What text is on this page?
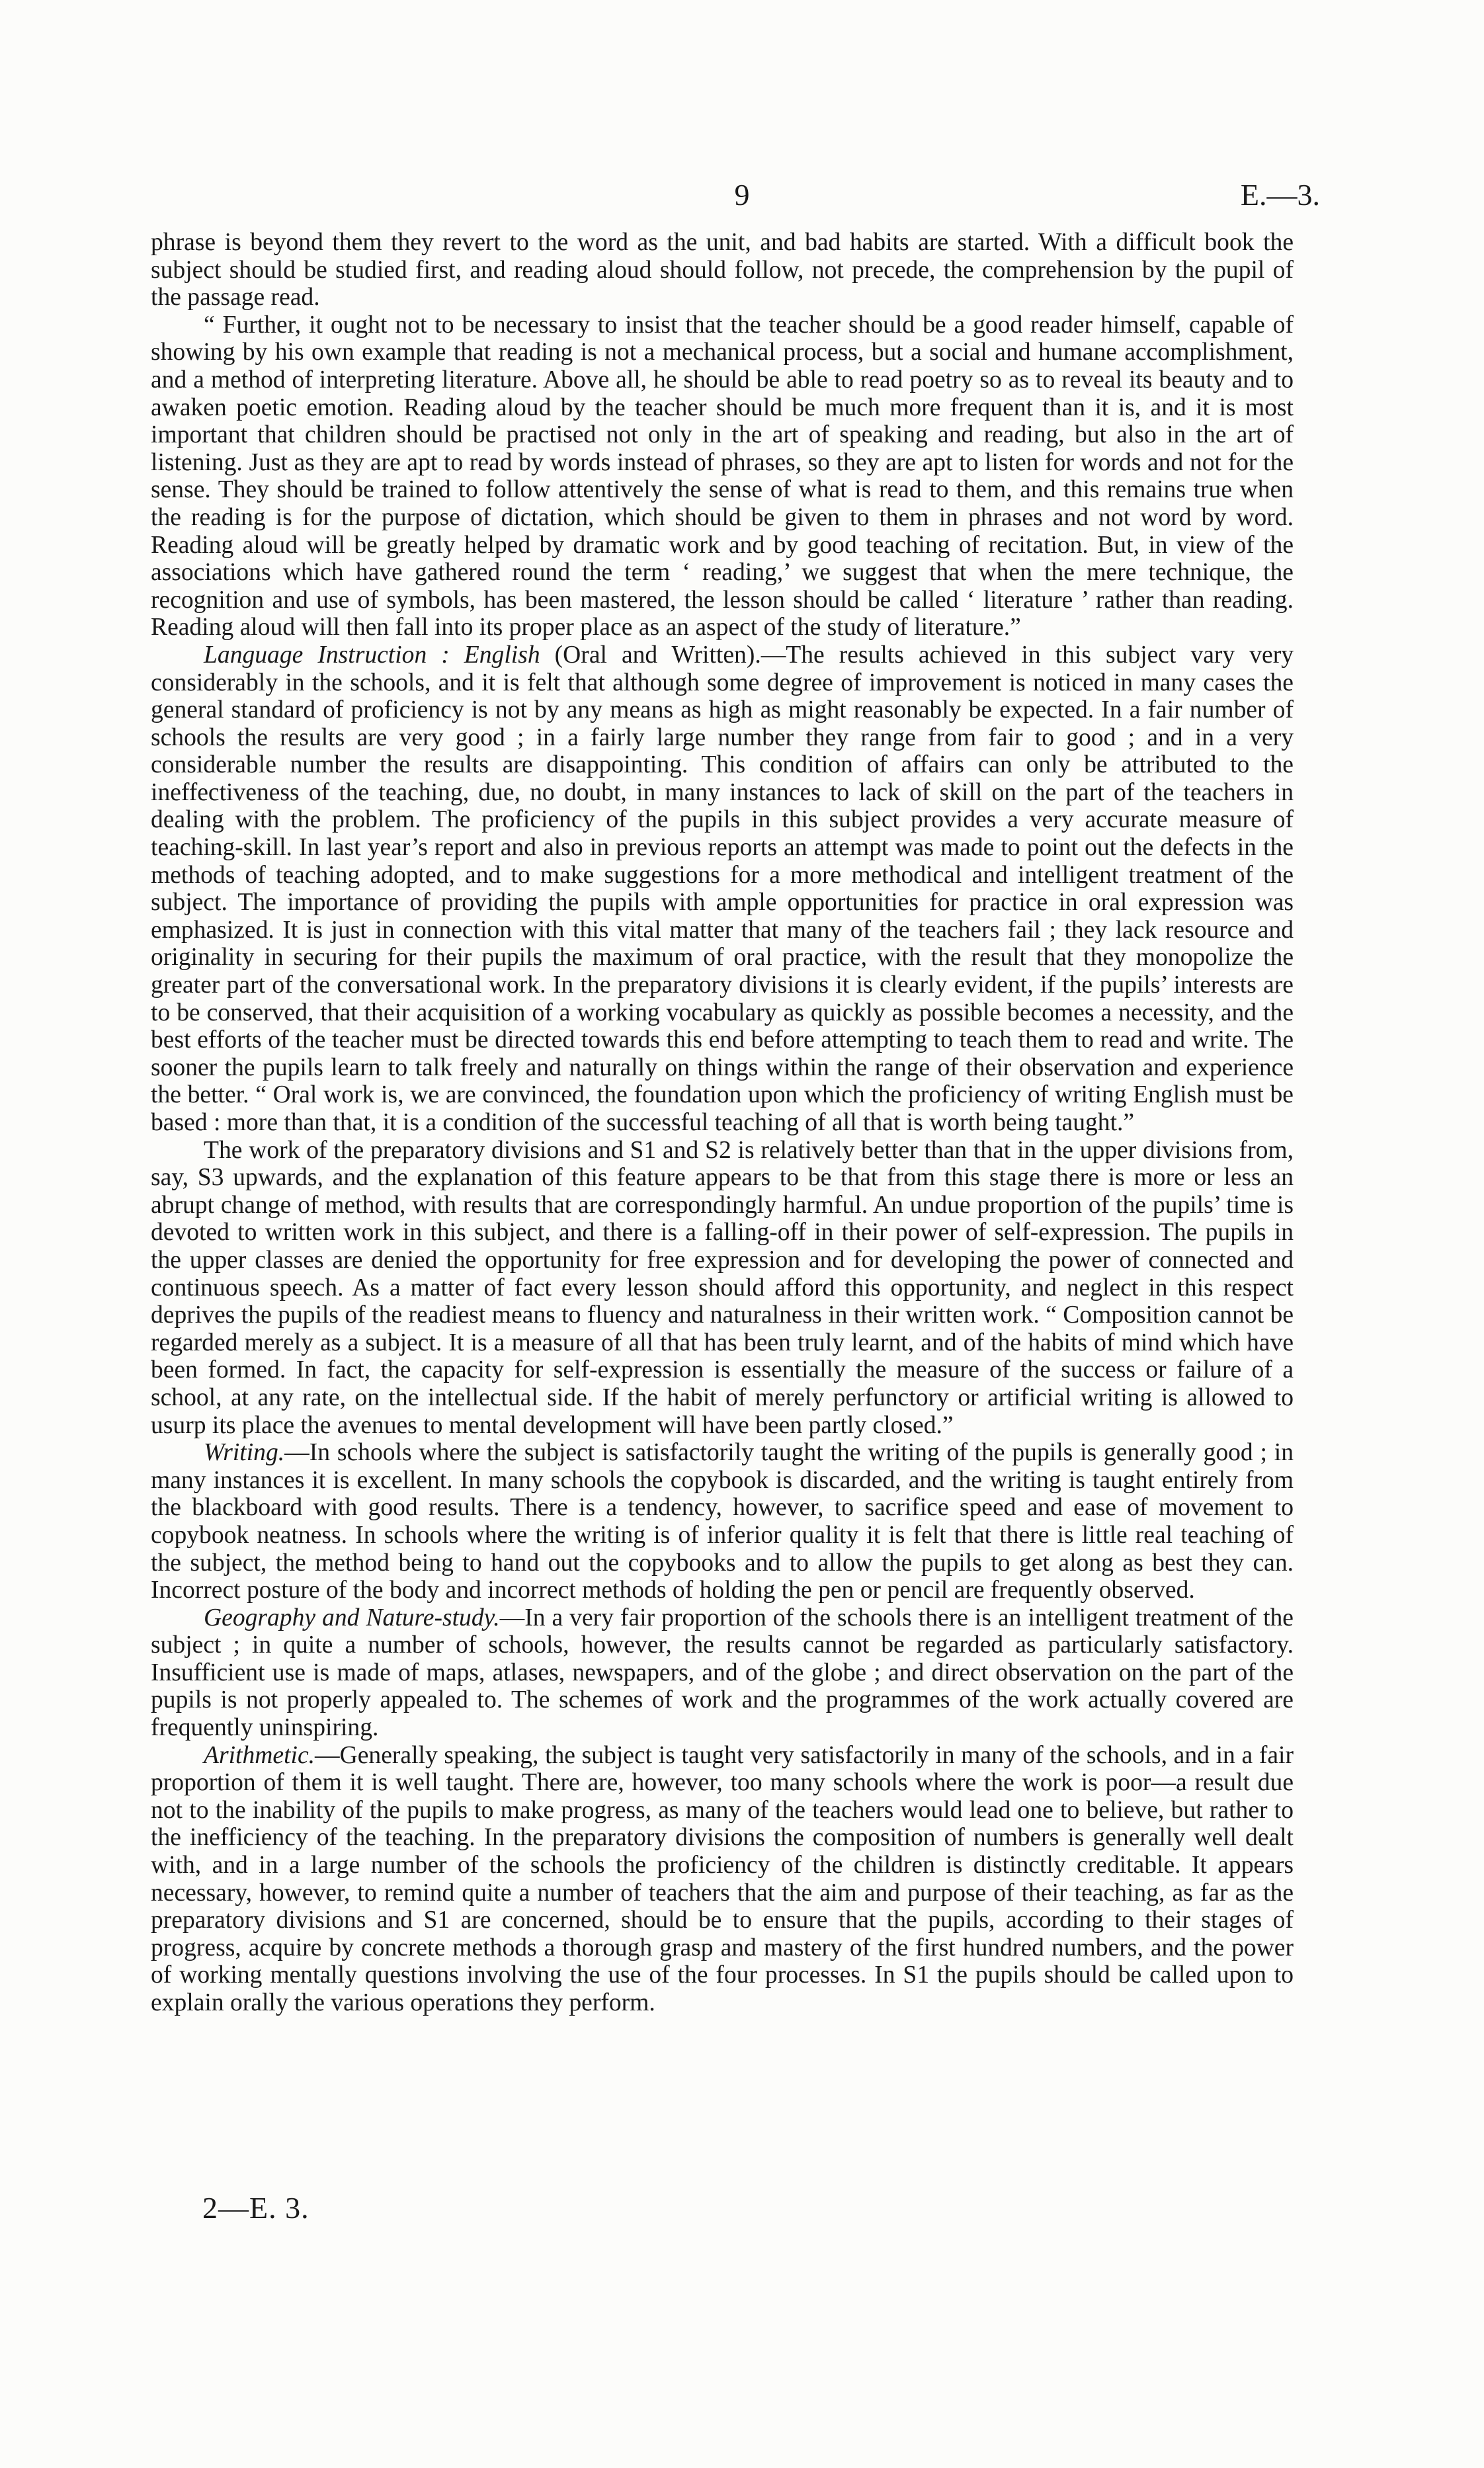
9	E.—3.

phrase is beyond them they revert to the word as the unit, and bad habits are started. With a difficult book the subject should be studied first, and reading aloud should follow, not precede, the comprehension by the pupil of the passage read.

“ Further, it ought not to be necessary to insist that the teacher should be a good reader himself, capable of showing by his own example that reading is not a mechanical process, but a social and humane accomplishment, and a method of interpreting literature. Above all, he should be able to read poetry so as to reveal its beauty and to awaken poetic emotion. Reading aloud by the teacher should be much more frequent than it is, and it is most important that children should be practised not only in the art of speaking and reading, but also in the art of listening. Just as they are apt to read by words instead of phrases, so they are apt to listen for words and not for the sense. They should be trained to follow attentively the sense of what is read to them, and this remains true when the reading is for the purpose of dictation, which should be given to them in phrases and not word by word. Reading aloud will be greatly helped by dramatic work and by good teaching of recitation. But, in view of the associations which have gathered round the term ‘ reading,’ we suggest that when the mere technique, the recognition and use of symbols, has been mastered, the lesson should be called ‘ literature ’ rather than reading. Reading aloud will then fall into its proper place as an aspect of the study of literature.”

Language Instruction : English (Oral and Written).—The results achieved in this subject vary very considerably in the schools, and it is felt that although some degree of improvement is noticed in many cases the general standard of proficiency is not by any means as high as might reasonably be expected. In a fair number of schools the results are very good ; in a fairly large number they range from fair to good ; and in a very considerable number the results are disappointing. This condition of affairs can only be attributed to the ineffectiveness of the teaching, due, no doubt, in many instances to lack of skill on the part of the teachers in dealing with the problem. The proficiency of the pupils in this subject provides a very accurate measure of teaching-skill. In last year’s report and also in previous reports an attempt was made to point out the defects in the methods of teaching adopted, and to make suggestions for a more methodical and intelligent treatment of the subject. The importance of providing the pupils with ample opportunities for practice in oral expression was emphasized. It is just in connection with this vital matter that many of the teachers fail ; they lack resource and originality in securing for their pupils the maximum of oral practice, with the result that they monopolize the greater part of the conversational work. In the preparatory divisions it is clearly evident, if the pupils’ interests are to be conserved, that their acquisition of a working vocabulary as quickly as possible becomes a necessity, and the best efforts of the teacher must be directed towards this end before attempting to teach them to read and write. The sooner the pupils learn to talk freely and naturally on things within the range of their observation and experience the better. “ Oral work is, we are convinced, the foundation upon which the proficiency of writing English must be based : more than that, it is a condition of the successful teaching of all that is worth being taught.”

The work of the preparatory divisions and S1 and S2 is relatively better than that in the upper divisions from, say, S3 upwards, and the explanation of this feature appears to be that from this stage there is more or less an abrupt change of method, with results that are correspondingly harmful. An undue proportion of the pupils’ time is devoted to written work in this subject, and there is a falling-off in their power of self-expression. The pupils in the upper classes are denied the opportunity for free expression and for developing the power of connected and continuous speech. As a matter of fact every lesson should afford this opportunity, and neglect in this respect deprives the pupils of the readiest means to fluency and naturalness in their written work. “ Composition cannot be regarded merely as a subject. It is a measure of all that has been truly learnt, and of the habits of mind which have been formed. In fact, the capacity for self-expression is essentially the measure of the success or failure of a school, at any rate, on the intellectual side. If the habit of merely perfunctory or artificial writing is allowed to usurp its place the avenues to mental development will have been partly closed.”

Writing.—In schools where the subject is satisfactorily taught the writing of the pupils is generally good ; in many instances it is excellent. In many schools the copybook is discarded, and the writing is taught entirely from the blackboard with good results. There is a tendency, however, to sacrifice speed and ease of movement to copybook neatness. In schools where the writing is of inferior quality it is felt that there is little real teaching of the subject, the method being to hand out the copybooks and to allow the pupils to get along as best they can. Incorrect posture of the body and incorrect methods of holding the pen or pencil are frequently observed.

Geography and Nature-study.—In a very fair proportion of the schools there is an intelligent treatment of the subject ; in quite a number of schools, however, the results cannot be regarded as particularly satisfactory. Insufficient use is made of maps, atlases, newspapers, and of the globe ; and direct observation on the part of the pupils is not properly appealed to. The schemes of work and the programmes of the work actually covered are frequently uninspiring.

Arithmetic.—Generally speaking, the subject is taught very satisfactorily in many of the schools, and in a fair proportion of them it is well taught. There are, however, too many schools where the work is poor—a result due not to the inability of the pupils to make progress, as many of the teachers would lead one to believe, but rather to the inefficiency of the teaching. In the preparatory divisions the composition of numbers is generally well dealt with, and in a large number of the schools the proficiency of the children is distinctly creditable. It appears necessary, however, to remind quite a number of teachers that the aim and purpose of their teaching, as far as the preparatory divisions and S1 are concerned, should be to ensure that the pupils, according to their stages of progress, acquire by concrete methods a thorough grasp and mastery of the first hundred numbers, and the power of working mentally questions involving the use of the four processes. In S1 the pupils should be called upon to explain orally the various operations they perform.

2—E. 3.
